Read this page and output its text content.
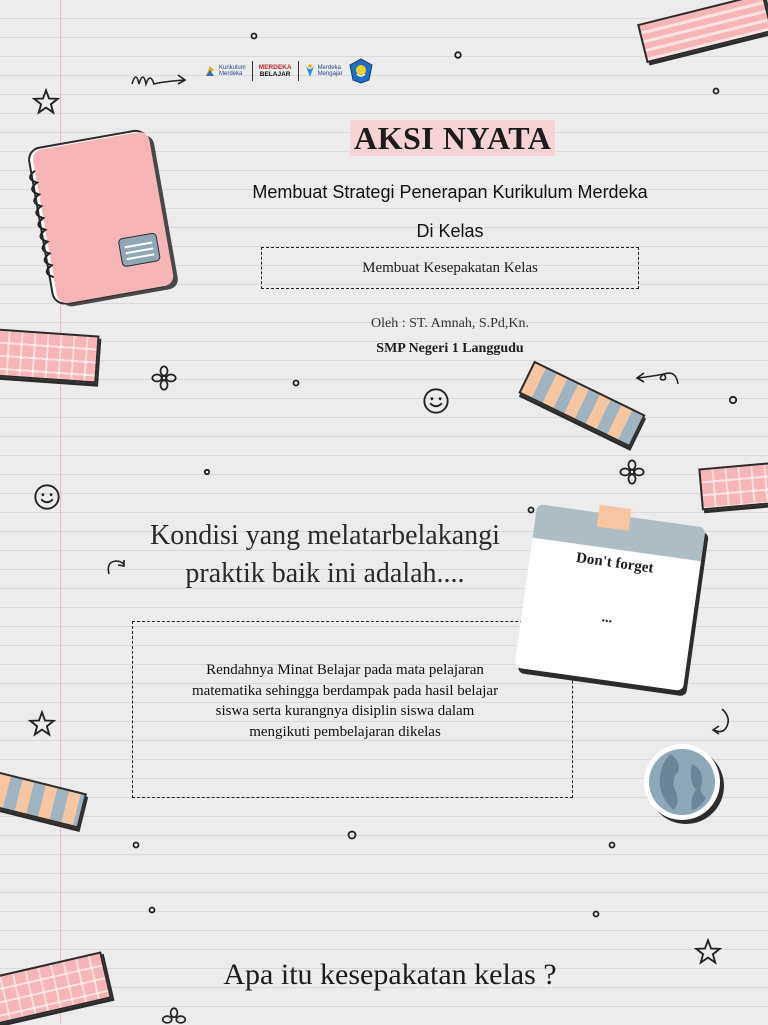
Kurikulum
Merdeka
MERDEKA
BELAJAR
Merdeka
Mengajar
AKSI NYATA
Membuat Strategi Penerapan Kurikulum Merdeka
Di Kelas
Membuat Kesepakatan Kelas
Oleh : ST. Amnah, S.Pd,Kn.
SMP Negeri 1 Langgudu
Kondisi yang melatarbelakangi
praktik baik ini adalah....
Rendahnya Minat Belajar pada mata pelajaran
matematika sehingga berdampak pada hasil belajar
siswa serta kurangnya disiplin siswa dalam
mengikuti pembelajaran dikelas
Don't forget
...
Apa itu kesepakatan kelas ?
